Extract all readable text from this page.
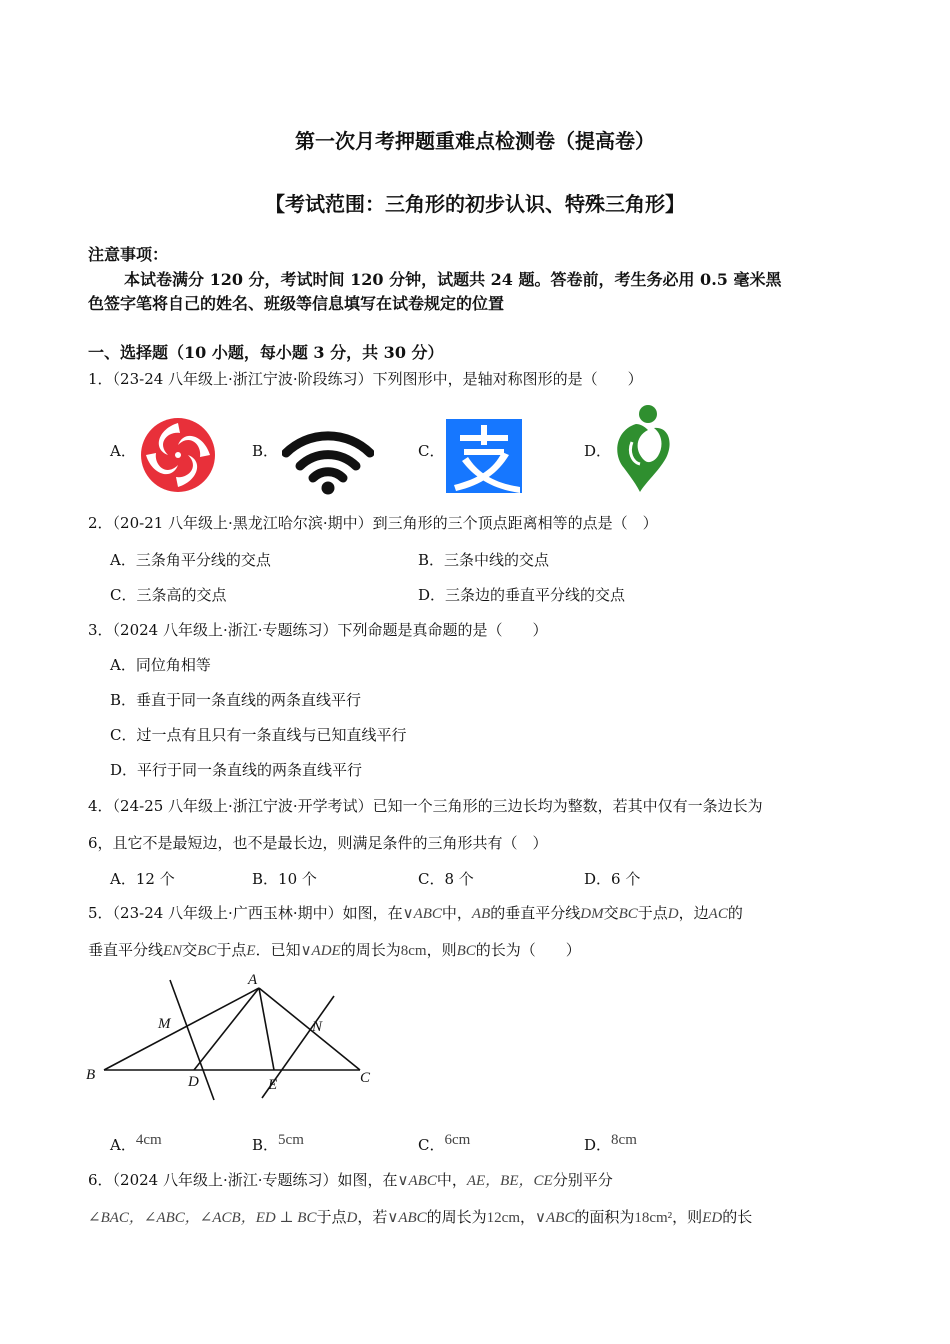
第一次月考押题重难点检测卷（提高卷）
【考试范围：三角形的初步认识、特殊三角形】
注意事项：
本试卷满分 120 分，考试时间 120 分钟，试题共 24 题。答卷前，考生务必用 0.5 毫米黑
色签字笔将自己的姓名、班级等信息填写在试卷规定的位置
一、选择题（10 小题，每小题 3 分，共 30 分）
1．（23-24 八年级上·浙江宁波·阶段练习）下列图形中，是轴对称图形的是（　　）
A．	B．	C．	D．
2．（20-21 八年级上·黑龙江哈尔滨·期中）到三角形的三个顶点距离相等的点是（　）
A．三条角平分线的交点	B．三条中线的交点
C．三条高的交点	D．三条边的垂直平分线的交点
3．（2024 八年级上·浙江·专题练习）下列命题是真命题的是（　　）
A．同位角相等
B．垂直于同一条直线的两条直线平行
C．过一点有且只有一条直线与已知直线平行
D．平行于同一条直线的两条直线平行
4．（24-25 八年级上·浙江宁波·开学考试）已知一个三角形的三边长均为整数，若其中仅有一条边长为
6，且它不是最短边，也不是最长边，则满足条件的三角形共有（　）
A．12 个	B．10 个	C．8 个	D．6 个
5．（23-24 八年级上·广西玉林·期中）如图，在∨ABC中，AB的垂直平分线DM交BC于点D，边AC的
垂直平分线EN交BC于点E．已知∨ADE的周长为8cm，则BC的长为（　　）
A
B	C
D	E
M	N
A．4cm	B．5cm	C．6cm	D．8cm
6．（2024 八年级上·浙江·专题练习）如图，在∨ABC中，AE，BE，CE分别平分
∠BAC，∠ABC，∠ACB，ED ⊥ BC于点D，若∨ABC的周长为12cm，∨ABC的面积为18cm²，则ED的长
